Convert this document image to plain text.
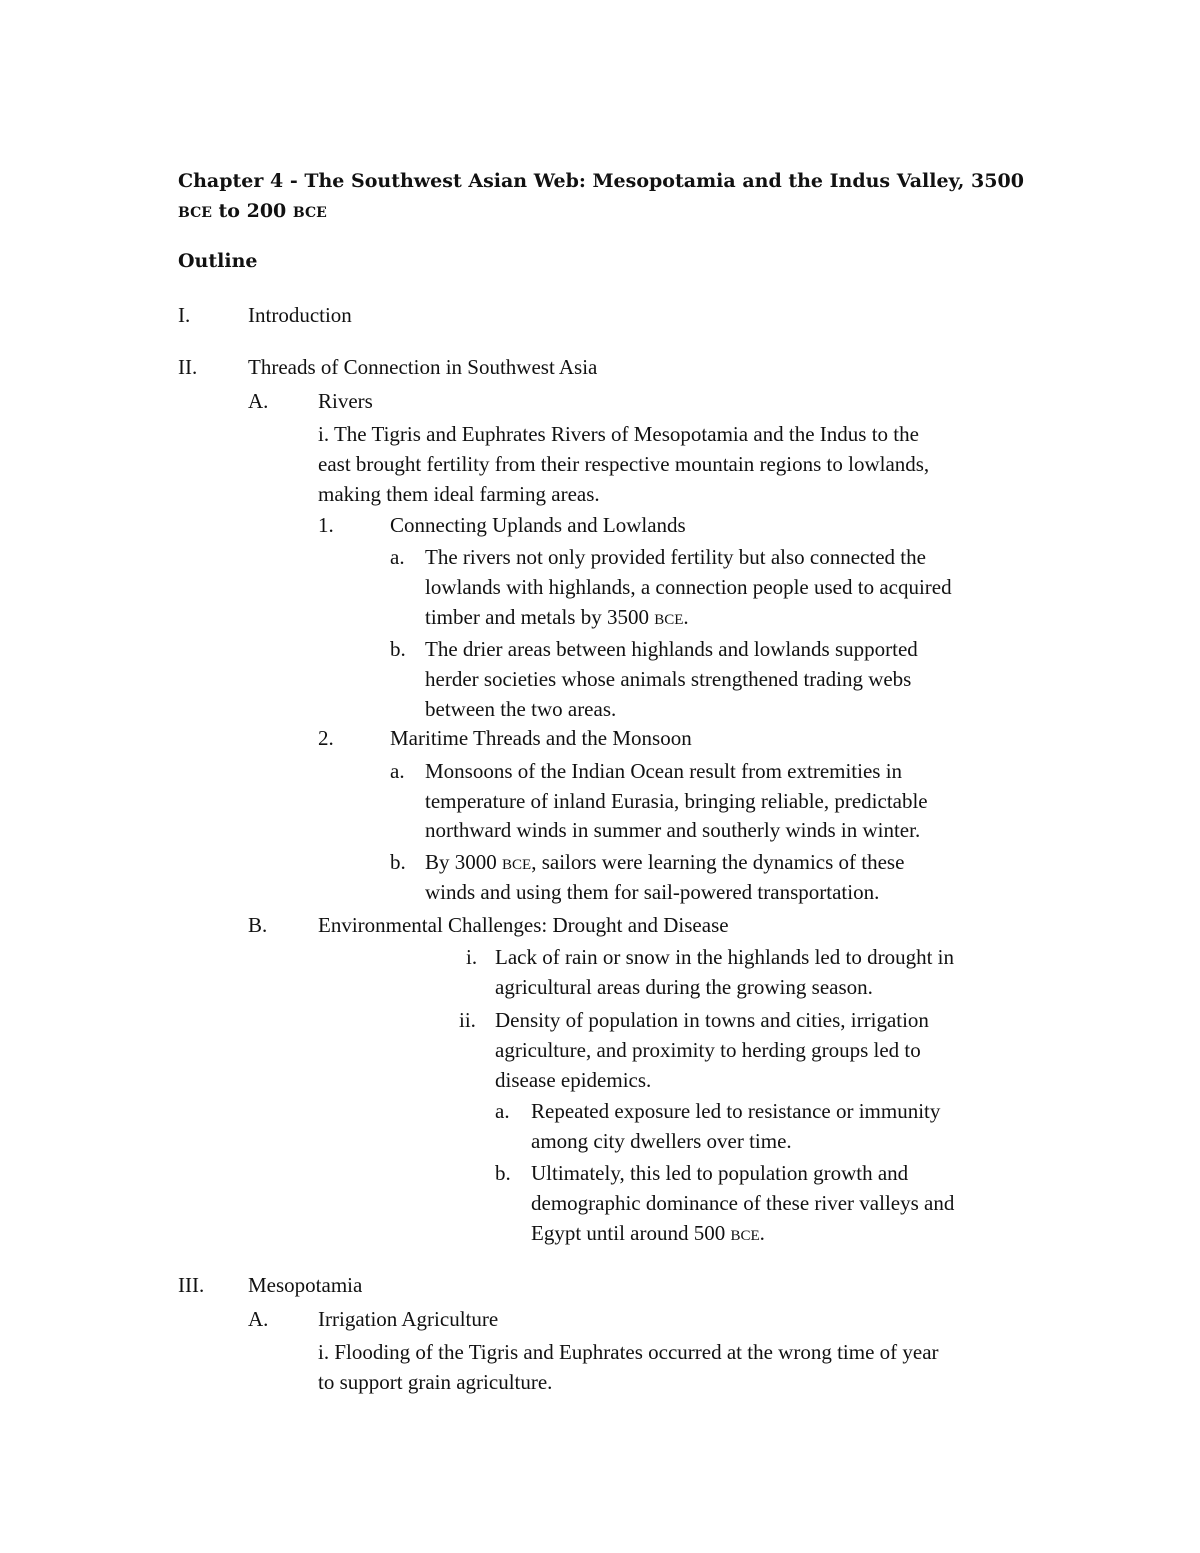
Chapter 4 - The Southwest Asian Web: Mesopotamia and the Indus Valley, 3500
BCE to 200 BCE
Outline
I.	Introduction
II. Threads of Connection in Southwest Asia
A. Rivers
i. The Tigris and Euphrates Rivers of Mesopotamia and the Indus to the
east brought fertility from their respective mountain regions to lowlands,
making them ideal farming areas.
1.	Connecting Uplands and Lowlands
a. The rivers not only provided fertility but also connected the
lowlands with highlands, a connection people used to acquired
timber and metals by 3500 BCE.
b. The drier areas between highlands and lowlands supported
herder societies whose animals strengthened trading webs
between the two areas.
2.	Maritime Threads and the Monsoon
a. Monsoons of the Indian Ocean result from extremities in
temperature of inland Eurasia, bringing reliable, predictable
northward winds in summer and southerly winds in winter.
b. By 3000 BCE, sailors were learning the dynamics of these
winds and using them for sail-powered transportation.
B. Environmental Challenges: Drought and Disease
i. Lack of rain or snow in the highlands led to drought in
agricultural areas during the growing season.
ii. Density of population in towns and cities, irrigation
agriculture, and proximity to herding groups led to
disease epidemics.
a. Repeated exposure led to resistance or immunity
among city dwellers over time.
b. Ultimately, this led to population growth and
demographic dominance of these river valleys and
Egypt until around 500 BCE.
III. Mesopotamia
A. Irrigation Agriculture
i. Flooding of the Tigris and Euphrates occurred at the wrong time of year
to support grain agriculture.
